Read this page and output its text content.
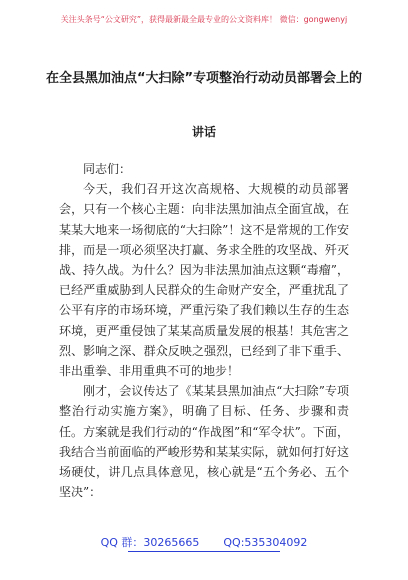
关注头条号“公文研究”，获得最新最全最专业的公文资料库！ 微信：gongwenyj
在全县黑加油点“大扫除”专项整治行动动员部署会上的
讲话

同志们：

今天，我们召开这次高规格、大规模的动员部署会，只有一个核心主题：向非法黑加油点全面宣战，在某某大地来一场彻底的“大扫除”！这不是常规的工作安排，而是一项必须坚决打赢、务求全胜的攻坚战、歼灭战、持久战。为什么？因为非法黑加油点这颗“毒瘤”，已经严重威胁到人民群众的生命财产安全，严重扰乱了公平有序的市场环境，严重污染了我们赖以生存的生态环境，更严重侵蚀了某某高质量发展的根基！其危害之烈、影响之深、群众反映之强烈，已经到了非下重手、非出重拳、非用重典不可的地步！

刚才，会议传达了《某某县黑加油点“大扫除”专项整治行动实施方案》，明确了目标、任务、步骤和责任。方案就是我们行动的“作战图”和“军令状”。下面，我结合当前面临的严峻形势和某某实际，就如何打好这场硬仗，讲几点具体意见，核心就是“五个务必、五个坚决”：

QQ 群：30265665 QQ:535304092
